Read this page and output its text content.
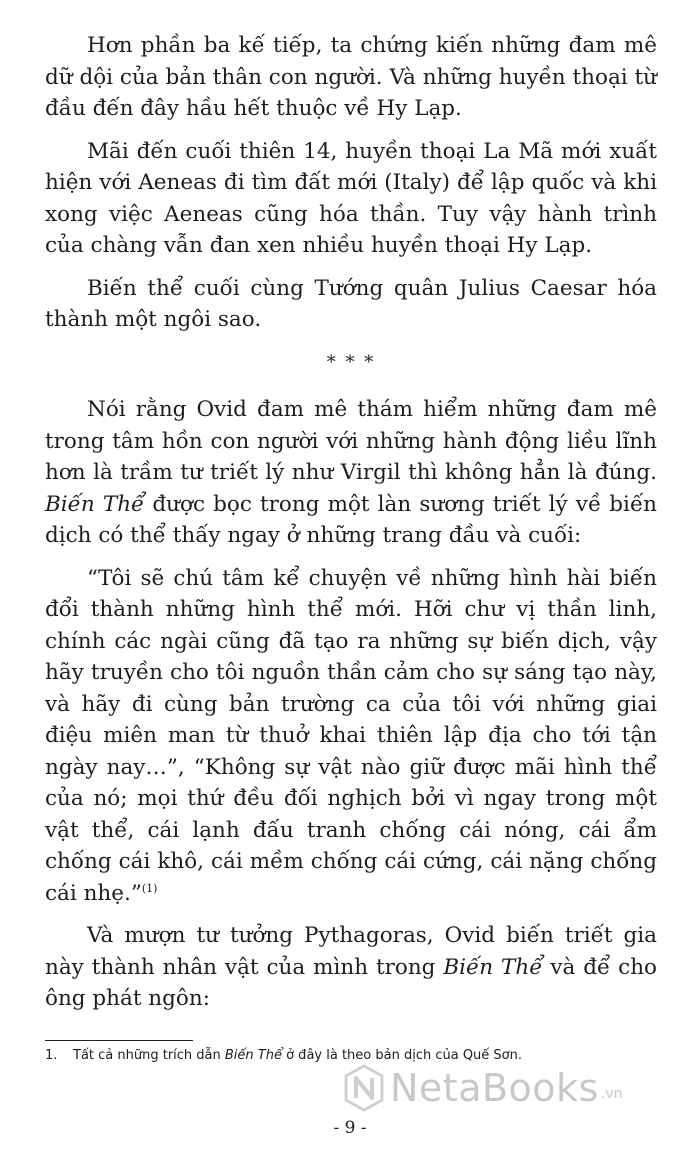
Hơn phần ba kế tiếp, ta chứng kiến những đam mê dữ dội của bản thân con người. Và những huyền thoại từ đầu đến đây hầu hết thuộc về Hy Lạp.

Mãi đến cuối thiên 14, huyền thoại La Mã mới xuất hiện với Aeneas đi tìm đất mới (Italy) để lập quốc và khi xong việc Aeneas cũng hóa thần. Tuy vậy hành trình của chàng vẫn đan xen nhiều huyền thoại Hy Lạp.

Biến thể cuối cùng Tướng quân Julius Caesar hóa thành một ngôi sao.

* * *

Nói rằng Ovid đam mê thám hiểm những đam mê trong tâm hồn con người với những hành động liều lĩnh hơn là trầm tư triết lý như Virgil thì không hẳn là đúng. Biến Thể được bọc trong một làn sương triết lý về biến dịch có thể thấy ngay ở những trang đầu và cuối:

“Tôi sẽ chú tâm kể chuyện về những hình hài biến đổi thành những hình thể mới. Hỡi chư vị thần linh, chính các ngài cũng đã tạo ra những sự biến dịch, vậy hãy truyền cho tôi nguồn thần cảm cho sự sáng tạo này, và hãy đi cùng bản trường ca của tôi với những giai điệu miên man từ thuở khai thiên lập địa cho tới tận ngày nay…”, “Không sự vật nào giữ được mãi hình thể của nó; mọi thứ đều đối nghịch bởi vì ngay trong một vật thể, cái lạnh đấu tranh chống cái nóng, cái ẩm chống cái khô, cái mềm chống cái cứng, cái nặng chống cái nhẹ.”$^{(1)}$

Và mượn tư tưởng Pythagoras, Ovid biến triết gia này thành nhân vật của mình trong Biến Thể và để cho ông phát ngôn:

1. Tất cả những trích dẫn Biến Thể ở đây là theo bản dịch của Quế Sơn.
NetaBooks .vn
- 9 -
